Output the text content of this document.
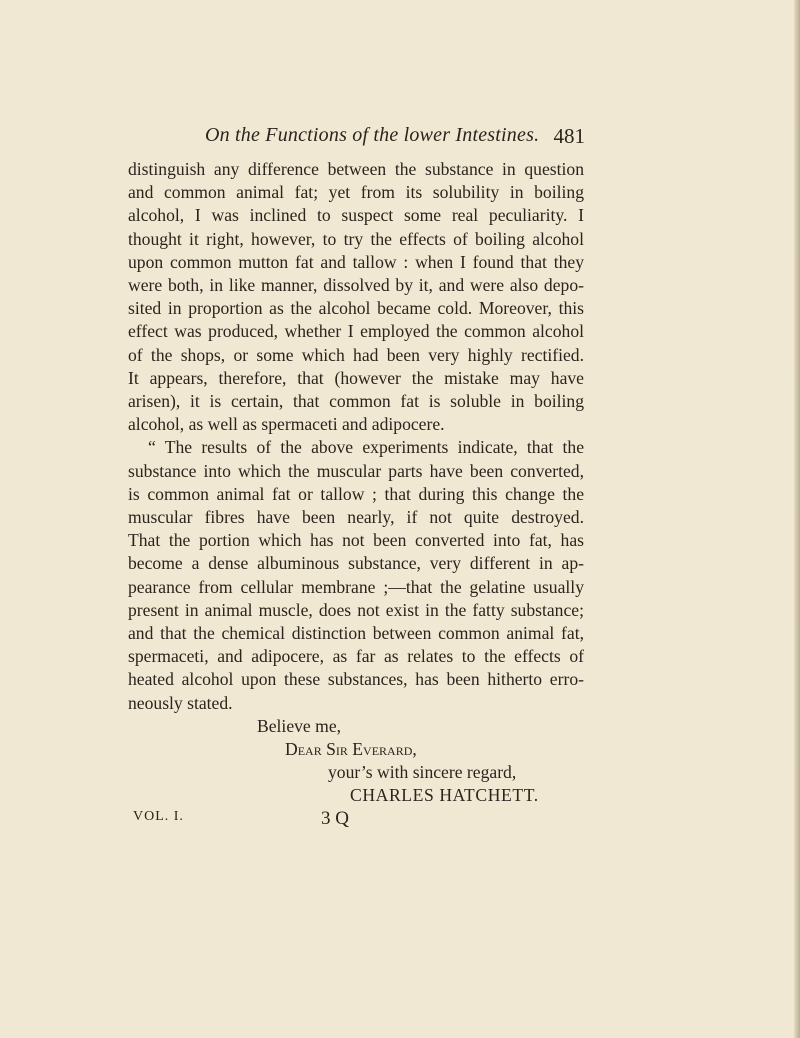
On the Functions of the lower Intestines. 481
distinguish any difference between the substance in question
and common animal fat; yet from its solubility in boiling
alcohol, I was inclined to suspect some real peculiarity. I
thought it right, however, to try the effects of boiling alcohol
upon common mutton fat and tallow : when I found that they
were both, in like manner, dissolved by it, and were also depo-
sited in proportion as the alcohol became cold. Moreover, this
effect was produced, whether I employed the common alcohol
of the shops, or some which had been very highly rectified.
It appears, therefore, that (however the mistake may have
arisen), it is certain, that common fat is soluble in boiling
alcohol, as well as spermaceti and adipocere.
“ The results of the above experiments indicate, that the
substance into which the muscular parts have been converted,
is common animal fat or tallow ; that during this change the
muscular fibres have been nearly, if not quite destroyed.
That the portion which has not been converted into fat, has
become a dense albuminous substance, very different in ap-
pearance from cellular membrane ;—that the gelatine usually
present in animal muscle, does not exist in the fatty substance;
and that the chemical distinction between common animal fat,
spermaceti, and adipocere, as far as relates to the effects of
heated alcohol upon these substances, has been hitherto erro-
neously stated.
Believe me,
Dear Sir Everard,
your’s with sincere regard,
CHARLES HATCHETT.
VOL. I.	3 Q
